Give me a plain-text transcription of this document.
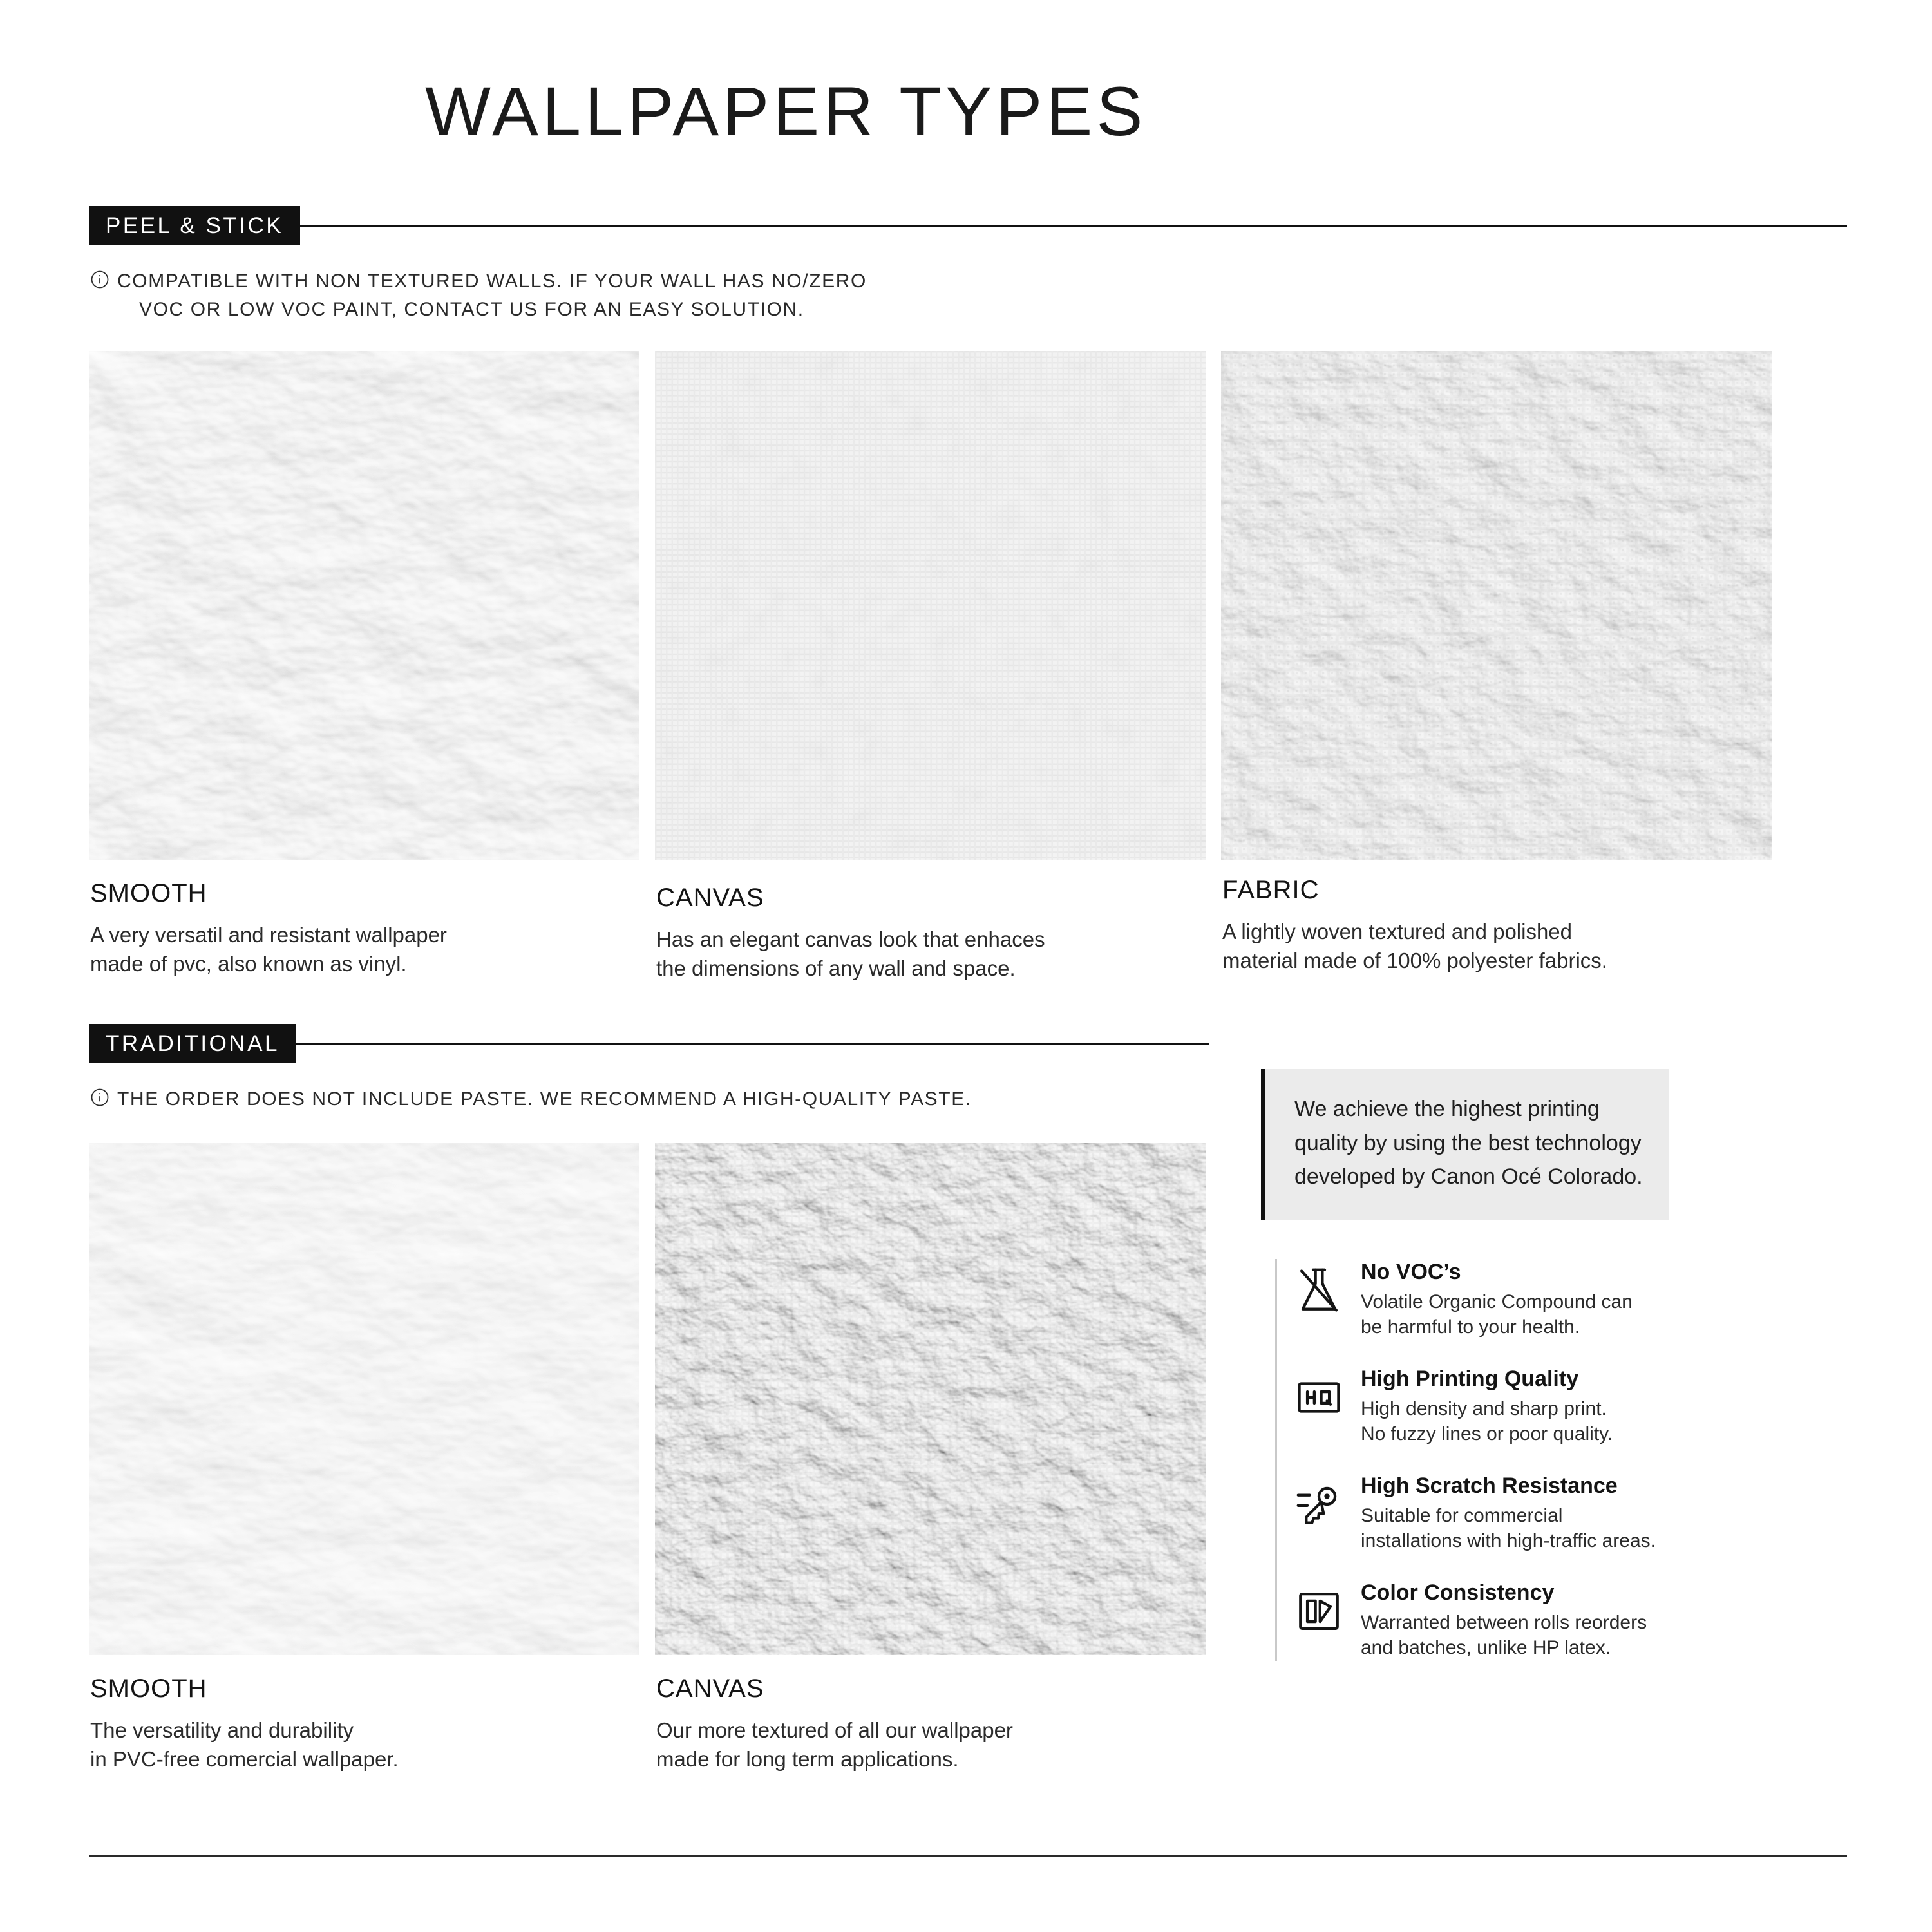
WALLPAPER TYPES
PEEL & STICK
COMPATIBLE WITH NON TEXTURED WALLS. IF YOUR WALL HAS NO/ZERO
VOC OR LOW VOC PAINT, CONTACT US FOR AN EASY SOLUTION.
SMOOTH
A very versatil and resistant wallpaper
made of pvc, also known as vinyl.
CANVAS
Has an elegant canvas look that enhaces
the dimensions of any wall and space.
FABRIC
A lightly woven textured and polished
material made of 100% polyester fabrics.
TRADITIONAL
THE ORDER DOES NOT INCLUDE PASTE. WE RECOMMEND A HIGH-QUALITY PASTE.
SMOOTH
The versatility and durability
in PVC-free comercial wallpaper.
CANVAS
Our more textured of all our wallpaper
made for long term applications.
We achieve the highest printing
quality by using the best technology
developed by Canon Océ Colorado.
No VOC’s
Volatile Organic Compound can
be harmful to your health.
High Printing Quality
High density and sharp print.
No fuzzy lines or poor quality.
High Scratch Resistance
Suitable for commercial
installations with high-traffic areas.
Color Consistency
Warranted between rolls reorders
and batches, unlike HP latex.
